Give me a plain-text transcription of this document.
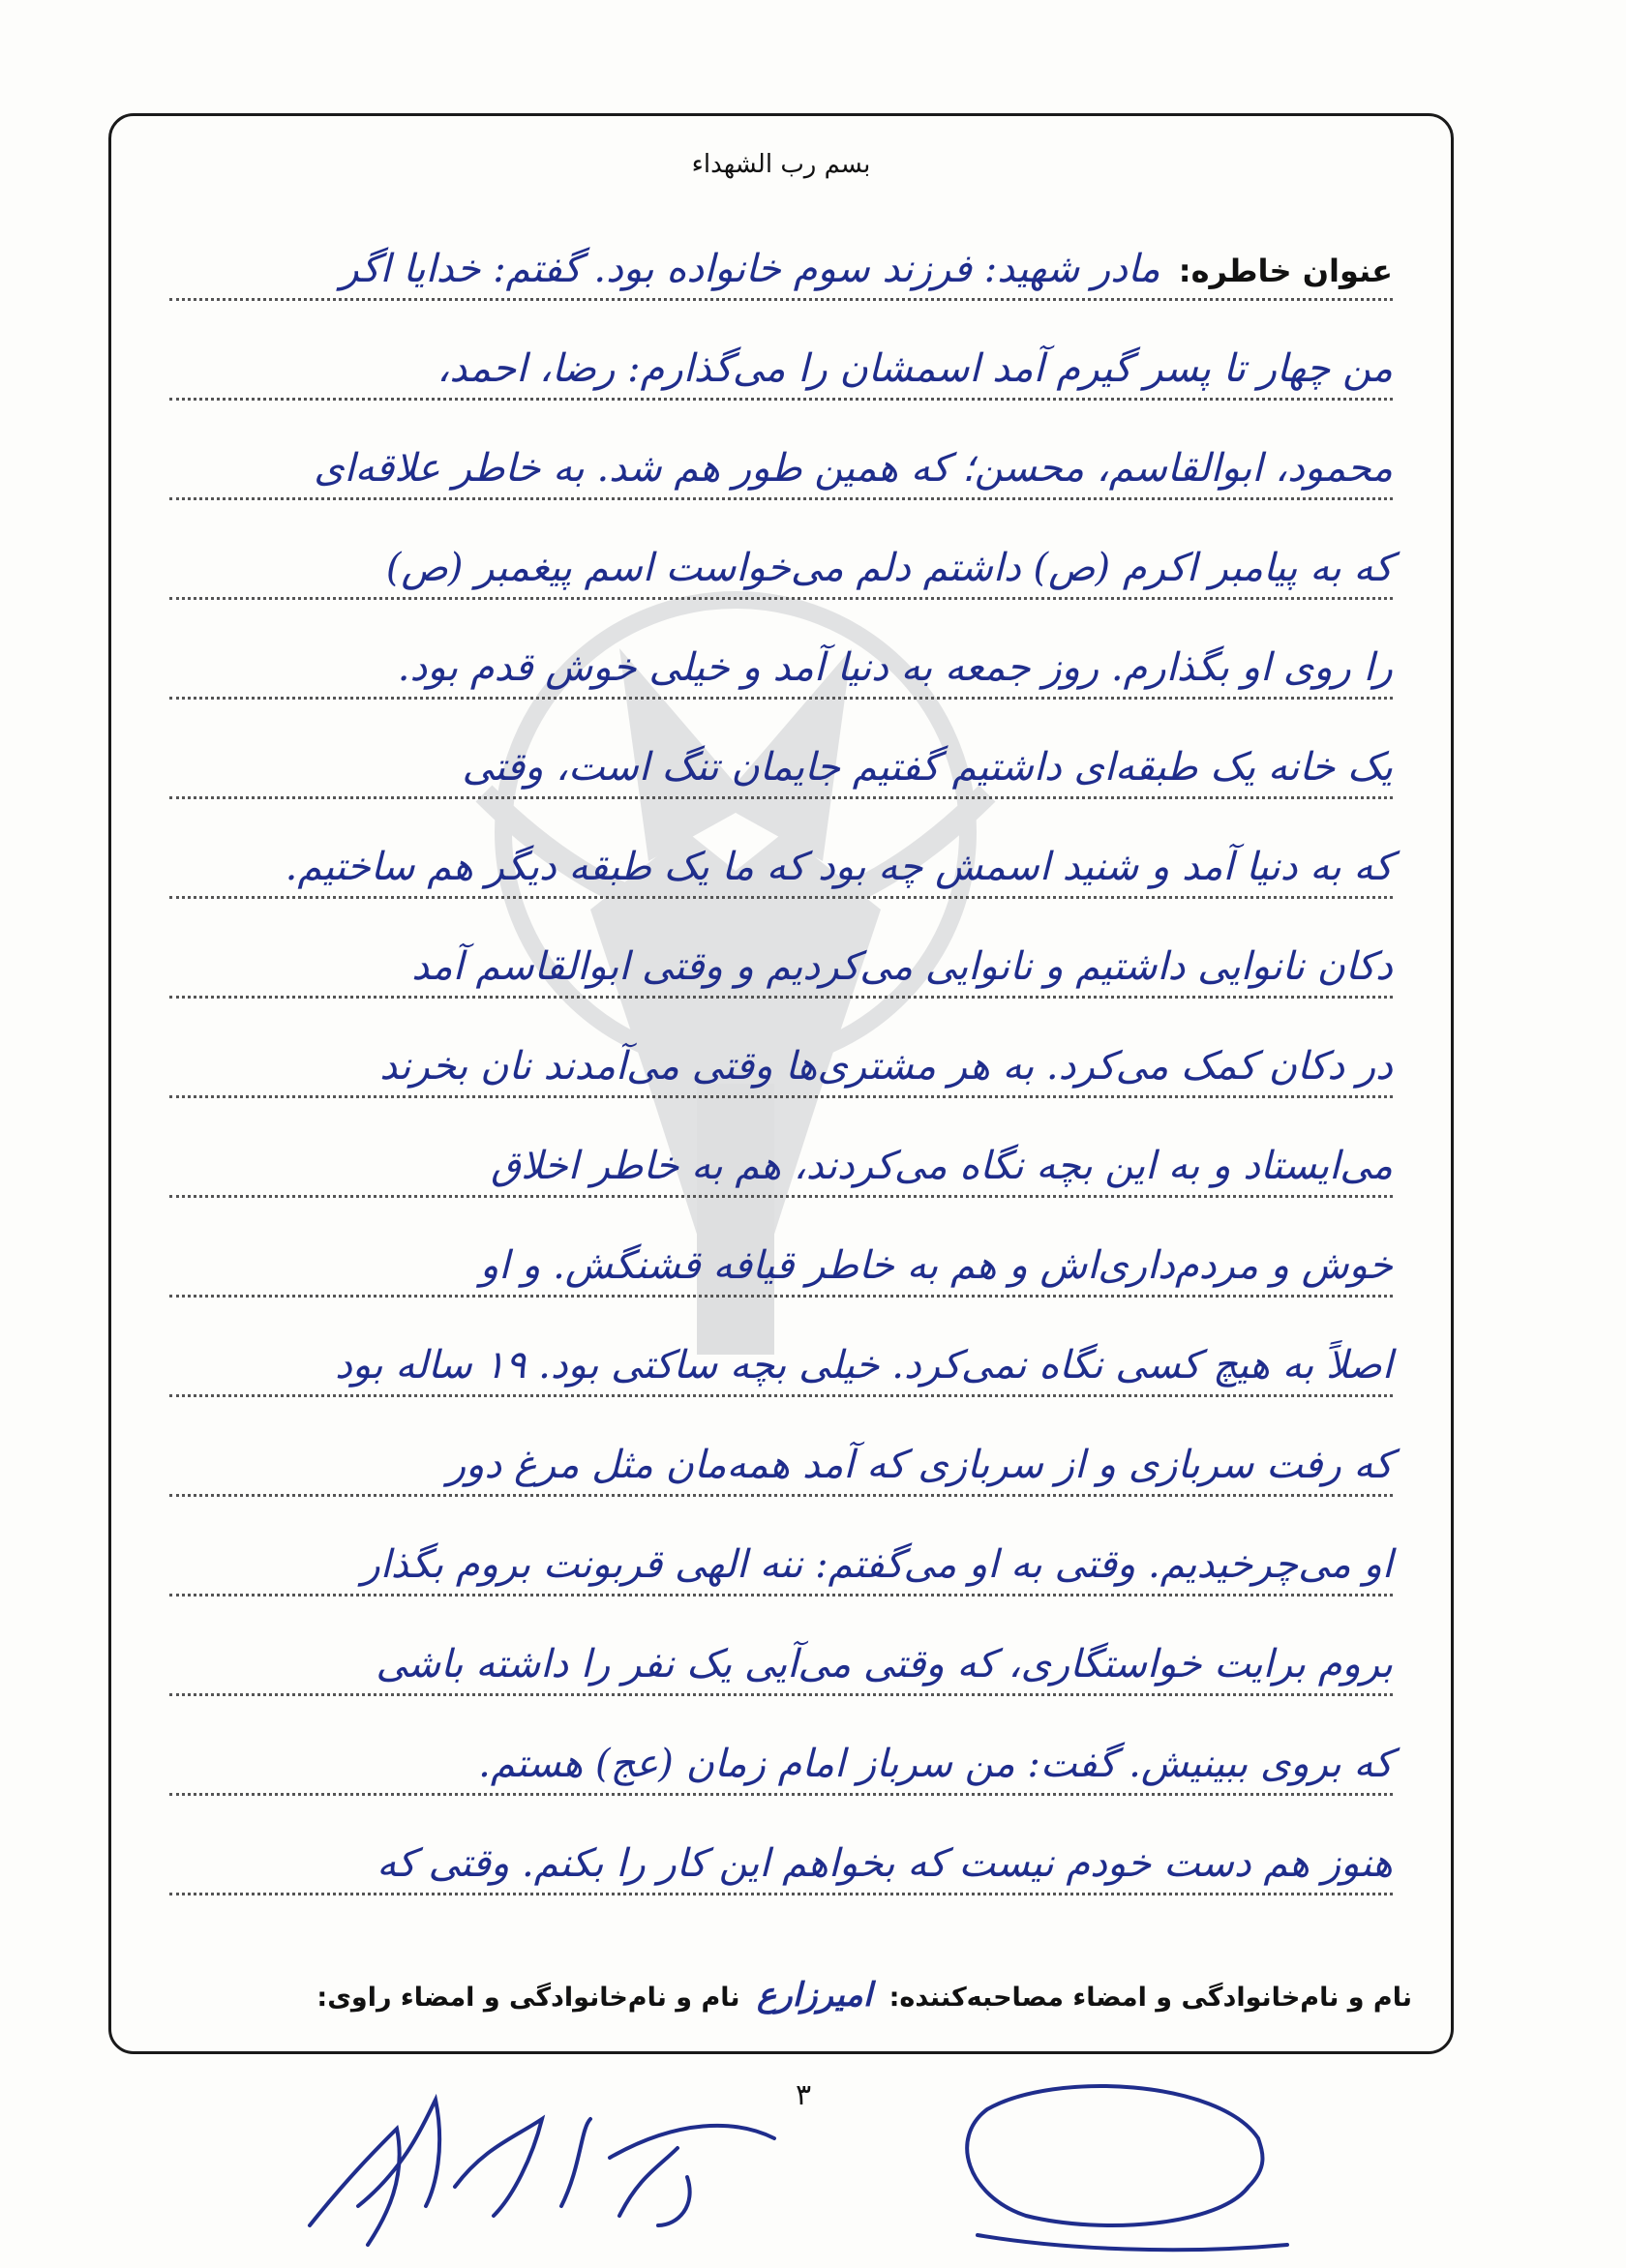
بسم رب الشهداء
عنوان خاطره: مادر شهید: فرزند سوم خانواده بود. گفتم: خدایا اگر
من چهار تا پسر گیرم آمد اسمشان را می‌گذارم: رضا، احمد،
محمود، ابوالقاسم، محسن؛ که همین طور هم شد. به خاطر علاقه‌ای
که به پیامبر اکرم (ص) داشتم دلم می‌خواست اسم پیغمبر (ص)
را روی او بگذارم. روز جمعه به دنیا آمد و خیلی خوش قدم بود.
یک خانه یک طبقه‌ای داشتیم گفتیم جایمان تنگ است، وقتی
که به دنیا آمد و شنید اسمش چه بود که ما یک طبقه دیگر هم ساختیم.
دکان نانوایی داشتیم و نانوایی می‌کردیم و وقتی ابوالقاسم آمد
در دکان کمک می‌کرد. به هر مشتری‌ها وقتی می‌آمدند نان بخرند
می‌ایستاد و به این بچه نگاه می‌کردند، هم به خاطر اخلاق
خوش و مردم‌داری‌اش و هم به خاطر قیافه قشنگش. و او
اصلاً به هیچ کسی نگاه نمی‌کرد. خیلی بچه ساکتی بود. ۱۹ ساله بود
که رفت سربازی و از سربازی که آمد همه‌مان مثل مرغ دور
او می‌چرخیدیم. وقتی به او می‌گفتم: ننه الهی قربونت بروم بگذار
بروم برایت خواستگاری، که وقتی می‌آیی یک نفر را داشته باشی
که بروی ببینیش. گفت: من سرباز امام زمان (عج) هستم.
هنوز هم دست خودم نیست که بخواهم این کار را بکنم. وقتی که
نام و نام‌خانوادگی و امضاء مصاحبه‌کننده: امیرزارع نام و نام‌خانوادگی و امضاء راوی:
۳
